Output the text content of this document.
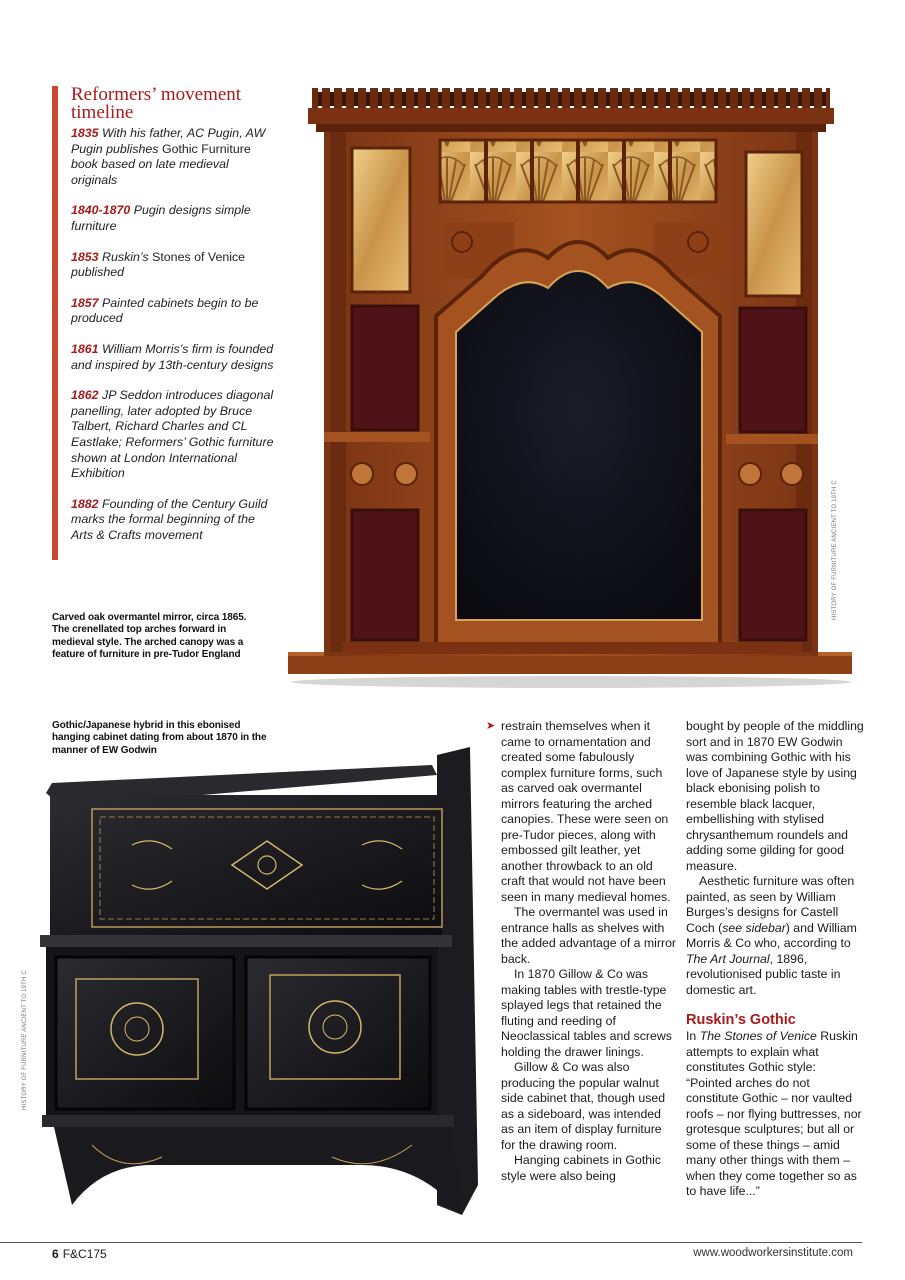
Reformers’ movement timeline
1835 With his father, AC Pugin, AW Pugin publishes Gothic Furniture book based on late medieval originals
1840-1870 Pugin designs simple furniture
1853 Ruskin’s Stones of Venice published
1857 Painted cabinets begin to be produced
1861 William Morris’s firm is founded and inspired by 13th-century designs
1862 JP Seddon introduces diagonal panelling, later adopted by Bruce Talbert, Richard Charles and CL Eastlake; Reformers’ Gothic furniture shown at London International Exhibition
1882 Founding of the Century Guild marks the formal beginning of the Arts & Crafts movement
Carved oak overmantel mirror, circa 1865. The crenellated top arches forward in medieval style. The arched canopy was a feature of furniture in pre-Tudor England
HISTORY OF FURNITURE ANCIENT TO 19TH C
Gothic/Japanese hybrid in this ebonised hanging cabinet dating from about 1870 in the manner of EW Godwin
HISTORY OF FURNITURE ANCIENT TO 19TH C
➤ restrain themselves when it came to ornamentation and created some fabulously complex furniture forms, such as carved oak overmantel mirrors featuring the arched canopies. These were seen on pre-Tudor pieces, along with embossed gilt leather, yet another throwback to an old craft that would not have been seen in many medieval homes.

The overmantel was used in entrance halls as shelves with the added advantage of a mirror back.

In 1870 Gillow & Co was making tables with trestle-type splayed legs that retained the fluting and reeding of Neoclassical tables and screws holding the drawer linings.

Gillow & Co was also producing the popular walnut side cabinet that, though used as a sideboard, was intended as an item of display furniture for the drawing room.

Hanging cabinets in Gothic style were also being

bought by people of the middling sort and in 1870 EW Godwin was combining Gothic with his love of Japanese style by using black ebonising polish to resemble black lacquer, embellishing with stylised chrysanthemum roundels and adding some gilding for good measure.

Aesthetic furniture was often painted, as seen by William Burges’s designs for Castell Coch (see sidebar) and William Morris & Co who, according to The Art Journal, 1896, revolutionised public taste in domestic art.

Ruskin’s Gothic

In The Stones of Venice Ruskin attempts to explain what constitutes Gothic style: “Pointed arches do not constitute Gothic – nor vaulted roofs – nor flying buttresses, nor grotesque sculptures; but all or some of these things – amid many other things with them – when they come together so as to have life...”

6 F&C175	www.woodworkersinstitute.com
